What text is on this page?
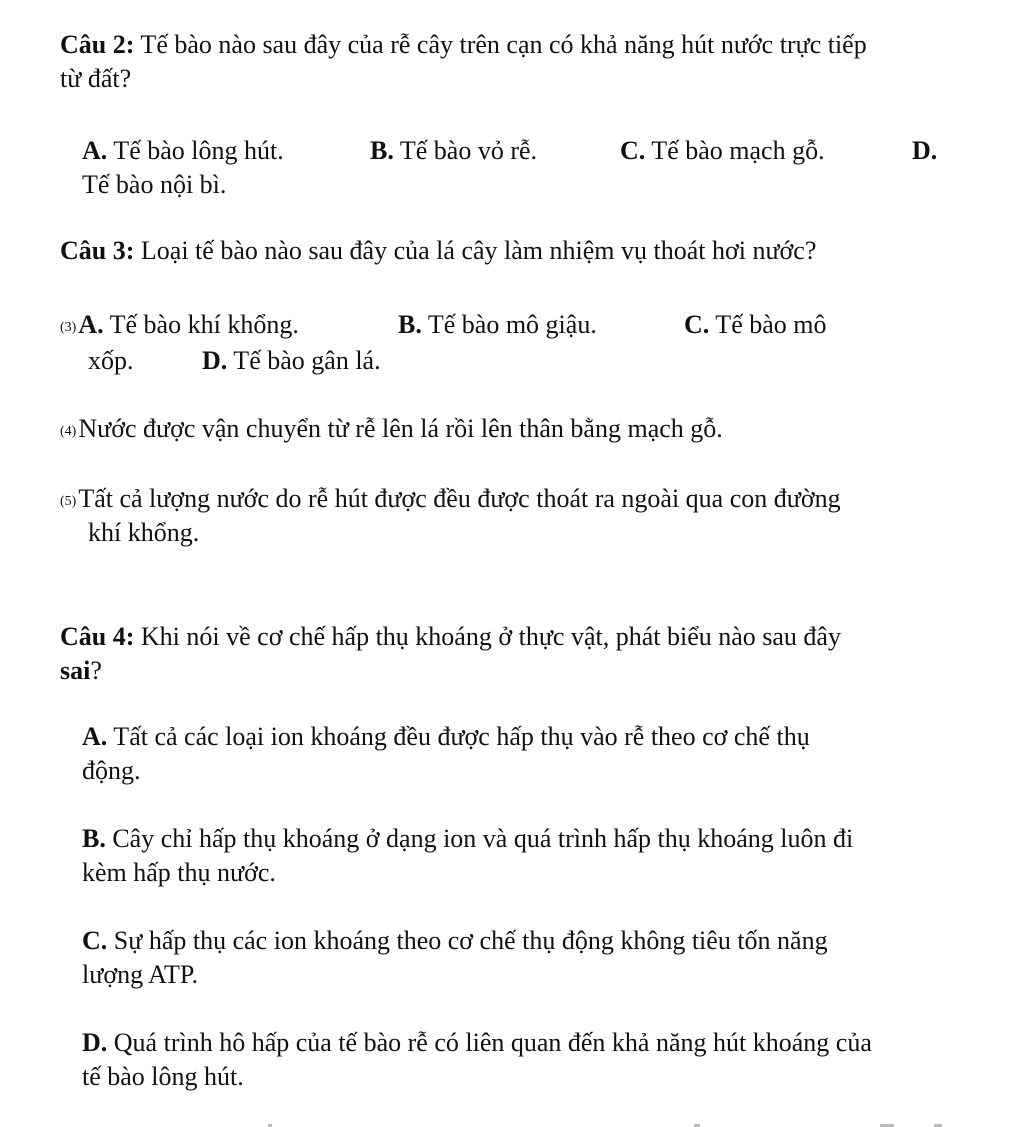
Câu 2: Tế bào nào sau đây của rễ cây trên cạn có khả năng hút nước trực tiếp
từ đất?
A. Tế bào lông hút.	B. Tế bào vỏ rễ.	C. Tế bào mạch gỗ.	D.
Tế bào nội bì.
Câu 3: Loại tế bào nào sau đây của lá cây làm nhiệm vụ thoát hơi nước?
(3)A. Tế bào khí khổng.	B. Tế bào mô giậu.	C. Tế bào mô
xốp.	D. Tế bào gân lá.
(4)Nước được vận chuyển từ rễ lên lá rồi lên thân bằng mạch gỗ.
(5)Tất cả lượng nước do rễ hút được đều được thoát ra ngoài qua con đường
khí khổng.
Câu 4: Khi nói về cơ chế hấp thụ khoáng ở thực vật, phát biểu nào sau đây
sai?
A. Tất cả các loại ion khoáng đều được hấp thụ vào rễ theo cơ chế thụ
động.
B. Cây chỉ hấp thụ khoáng ở dạng ion và quá trình hấp thụ khoáng luôn đi
kèm hấp thụ nước.
C. Sự hấp thụ các ion khoáng theo cơ chế thụ động không tiêu tốn năng
lượng ATP.
D. Quá trình hô hấp của tế bào rễ có liên quan đến khả năng hút khoáng của
tế bào lông hút.
